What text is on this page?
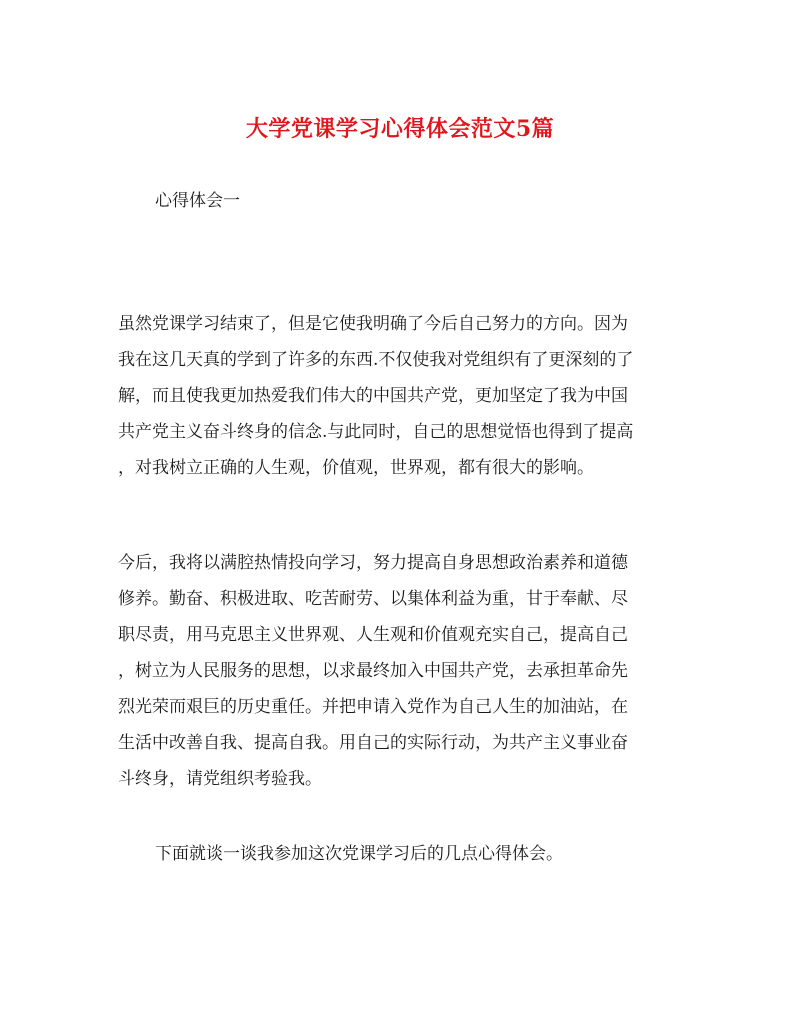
大学党课学习心得体会范文5篇

心得体会一

虽然党课学习结束了，但是它使我明确了今后自己努力的方向。因为
我在这几天真的学到了许多的东西.不仅使我对党组织有了更深刻的了
解，而且使我更加热爱我们伟大的中国共产党，更加坚定了我为中国
共产党主义奋斗终身的信念.与此同时，自己的思想觉悟也得到了提高
，对我树立正确的人生观，价值观，世界观，都有很大的影响。

今后，我将以满腔热情投向学习，努力提高自身思想政治素养和道德
修养。勤奋、积极进取、吃苦耐劳、以集体利益为重，甘于奉献、尽
职尽责，用马克思主义世界观、人生观和价值观充实自己，提高自己
，树立为人民服务的思想，以求最终加入中国共产党，去承担革命先
烈光荣而艰巨的历史重任。并把申请入党作为自己人生的加油站，在
生活中改善自我、提高自我。用自己的实际行动，为共产主义事业奋
斗终身，请党组织考验我。

下面就谈一谈我参加这次党课学习后的几点心得体会。
